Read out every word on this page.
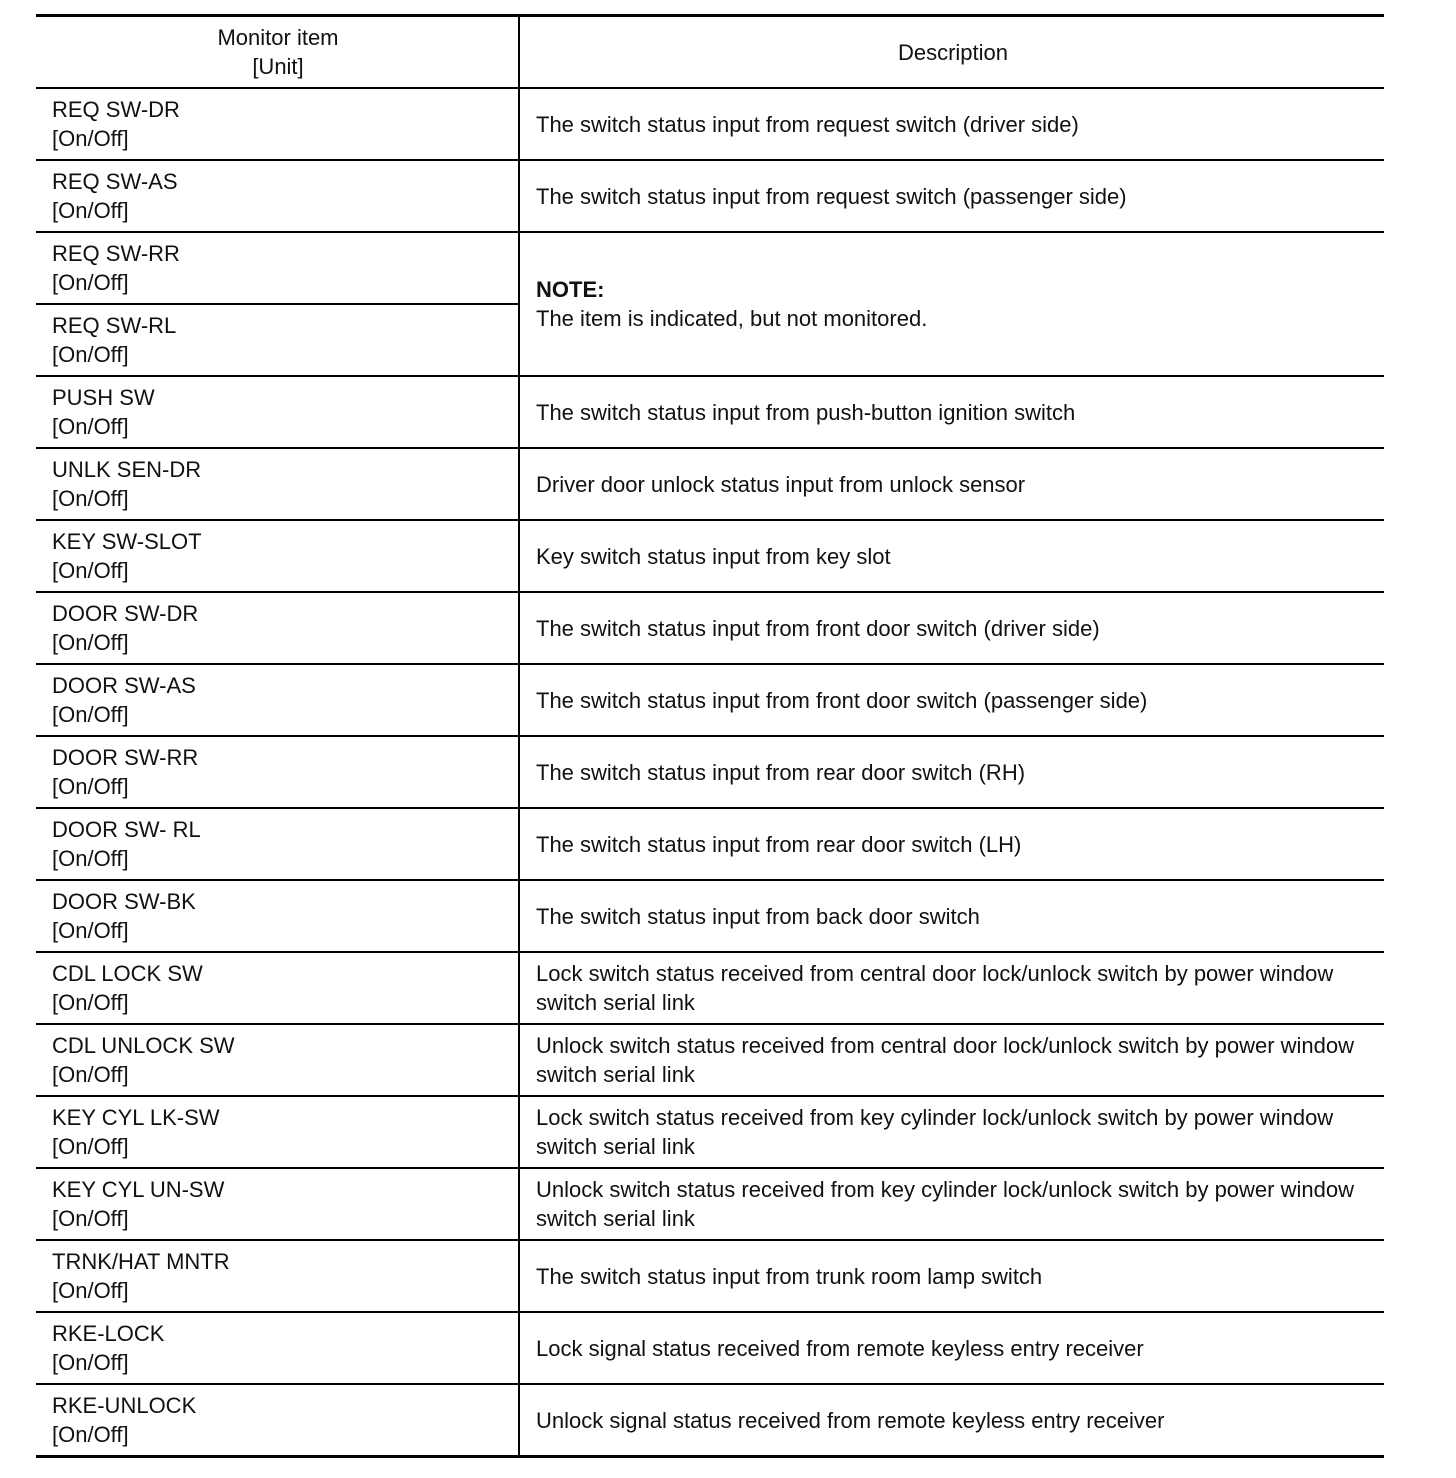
Monitor item
[Unit]	Description

REQ SW-DR
[On/Off]	The switch status input from request switch (driver side)

REQ SW-AS
[On/Off]	The switch status input from request switch (passenger side)

REQ SW-RR
[On/Off]	NOTE:
The item is indicated, but not monitored.

REQ SW-RL
[On/Off]	

PUSH SW
[On/Off]	The switch status input from push-button ignition switch

UNLK SEN-DR
[On/Off]	Driver door unlock status input from unlock sensor

KEY SW-SLOT
[On/Off]	Key switch status input from key slot

DOOR SW-DR
[On/Off]	The switch status input from front door switch (driver side)

DOOR SW-AS
[On/Off]	The switch status input from front door switch (passenger side)

DOOR SW-RR
[On/Off]	The switch status input from rear door switch (RH)

DOOR SW- RL
[On/Off]	The switch status input from rear door switch (LH)

DOOR SW-BK
[On/Off]	The switch status input from back door switch

CDL LOCK SW
[On/Off]	Lock switch status received from central door lock/unlock switch by power window switch serial link

CDL UNLOCK SW
[On/Off]	Unlock switch status received from central door lock/unlock switch by power window switch serial link

KEY CYL LK-SW
[On/Off]	Lock switch status received from key cylinder lock/unlock switch by power window switch serial link

KEY CYL UN-SW
[On/Off]	Unlock switch status received from key cylinder lock/unlock switch by power window switch serial link

TRNK/HAT MNTR
[On/Off]	The switch status input from trunk room lamp switch

RKE-LOCK
[On/Off]	Lock signal status received from remote keyless entry receiver

RKE-UNLOCK
[On/Off]	Unlock signal status received from remote keyless entry receiver
